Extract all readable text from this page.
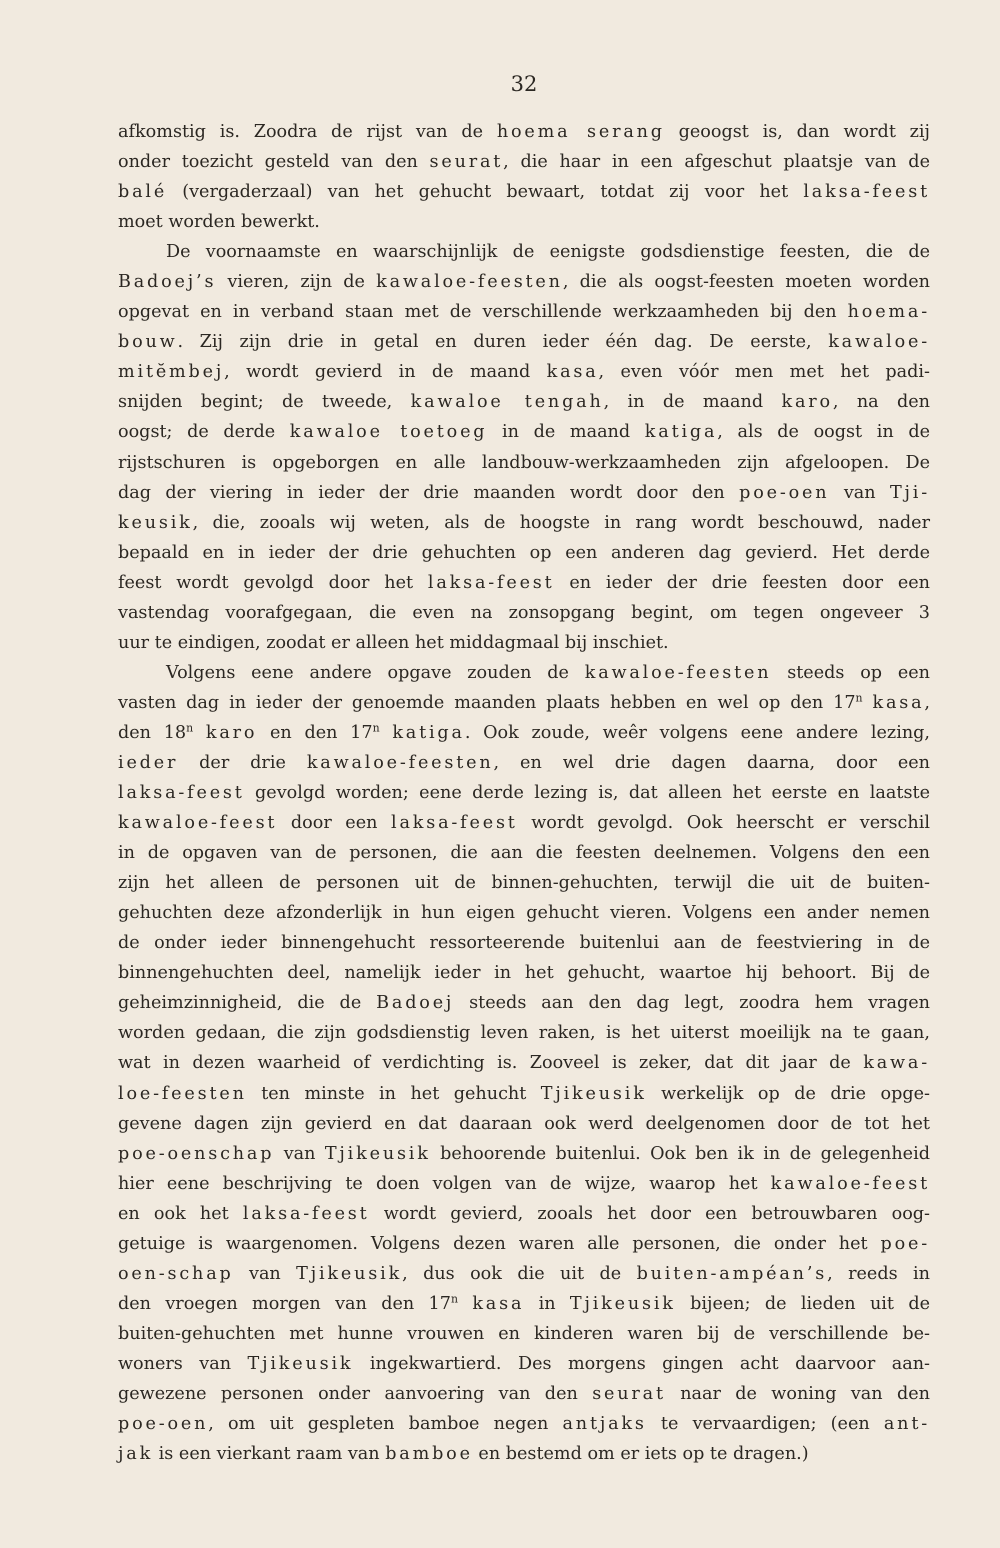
32
afkomstig is. Zoodra de rijst van de hoema serang geoogst is, dan wordt zij
onder toezicht gesteld van den seurat, die haar in een afgeschut plaatsje van de
balé (vergaderzaal) van het gehucht bewaart, totdat zij voor het laksa-feest
moet worden bewerkt.
De voornaamste en waarschijnlijk de eenigste godsdienstige feesten, die de
Badoej’s vieren, zijn de kawaloe-feesten, die als oogst-feesten moeten worden
opgevat en in verband staan met de verschillende werkzaamheden bij den hoema-
bouw. Zij zijn drie in getal en duren ieder één dag. De eerste, kawaloe-
mitĕmbej, wordt gevierd in de maand kasa, even vóór men met het padi-
snijden begint; de tweede, kawaloe tengah, in de maand karo, na den
oogst; de derde kawaloe toetoeg in de maand katiga, als de oogst in de
rijstschuren is opgeborgen en alle landbouw-werkzaamheden zijn afgeloopen. De
dag der viering in ieder der drie maanden wordt door den poe-oen van Tji-
keusik, die, zooals wij weten, als de hoogste in rang wordt beschouwd, nader
bepaald en in ieder der drie gehuchten op een anderen dag gevierd. Het derde
feest wordt gevolgd door het laksa-feest en ieder der drie feesten door een
vastendag voorafgegaan, die even na zonsopgang begint, om tegen ongeveer 3
uur te eindigen, zoodat er alleen het middagmaal bij inschiet.
Volgens eene andere opgave zouden de kawaloe-feesten steeds op een
vasten dag in ieder der genoemde maanden plaats hebben en wel op den 17$^n$ kasa,
den 18$^n$ karo en den 17$^n$ katiga. Ook zoude, weêr volgens eene andere lezing,
ieder der drie kawaloe-feesten, en wel drie dagen daarna, door een
laksa-feest gevolgd worden; eene derde lezing is, dat alleen het eerste en laatste
kawaloe-feest door een laksa-feest wordt gevolgd. Ook heerscht er verschil
in de opgaven van de personen, die aan die feesten deelnemen. Volgens den een
zijn het alleen de personen uit de binnen-gehuchten, terwijl die uit de buiten-
gehuchten deze afzonderlijk in hun eigen gehucht vieren. Volgens een ander nemen
de onder ieder binnengehucht ressorteerende buitenlui aan de feestviering in de
binnengehuchten deel, namelijk ieder in het gehucht, waartoe hij behoort. Bij de
geheimzinnigheid, die de Badoej steeds aan den dag legt, zoodra hem vragen
worden gedaan, die zijn godsdienstig leven raken, is het uiterst moeilijk na te gaan,
wat in dezen waarheid of verdichting is. Zooveel is zeker, dat dit jaar de kawa-
loe-feesten ten minste in het gehucht Tjikeusik werkelijk op de drie opge-
gevene dagen zijn gevierd en dat daaraan ook werd deelgenomen door de tot het
poe-oenschap van Tjikeusik behoorende buitenlui. Ook ben ik in de gelegenheid
hier eene beschrijving te doen volgen van de wijze, waarop het kawaloe-feest
en ook het laksa-feest wordt gevierd, zooals het door een betrouwbaren oog-
getuige is waargenomen. Volgens dezen waren alle personen, die onder het poe-
oen-schap van Tjikeusik, dus ook die uit de buiten-ampéan’s, reeds in
den vroegen morgen van den 17$^n$ kasa in Tjikeusik bijeen; de lieden uit de
buiten-gehuchten met hunne vrouwen en kinderen waren bij de verschillende be-
woners van Tjikeusik ingekwartierd. Des morgens gingen acht daarvoor aan-
gewezene personen onder aanvoering van den seurat naar de woning van den
poe-oen, om uit gespleten bamboe negen antjaks te vervaardigen; (een ant-
jak is een vierkant raam van bamboe en bestemd om er iets op te dragen.)
